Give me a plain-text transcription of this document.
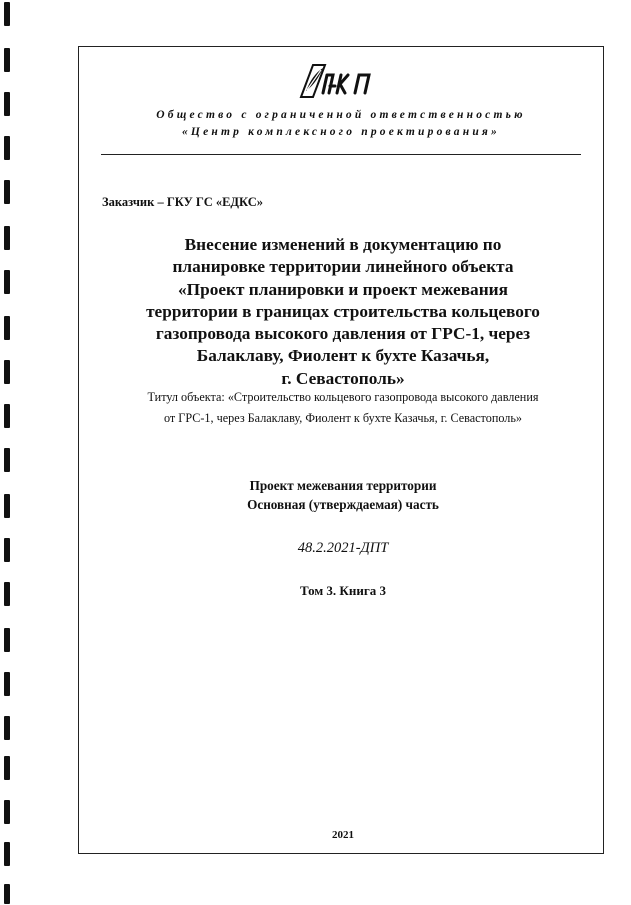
Общество с ограниченной ответственностью
«Центр комплексного проектирования»
Заказчик – ГКУ ГС «ЕДКС»
Внесение изменений в документацию по
планировке территории линейного объекта
«Проект планировки и проект межевания
территории в границах строительства кольцевого
газопровода высокого давления от ГРС-1, через
Балаклаву, Фиолент к бухте Казачья,
г. Севастополь»
Титул объекта: «Строительство кольцевого газопровода высокого давления
от ГРС-1, через Балаклаву, Фиолент к бухте Казачья, г. Севастополь»
Проект межевания территории
Основная (утверждаемая) часть
48.2.2021-ДПТ
Том 3. Книга 3
2021
